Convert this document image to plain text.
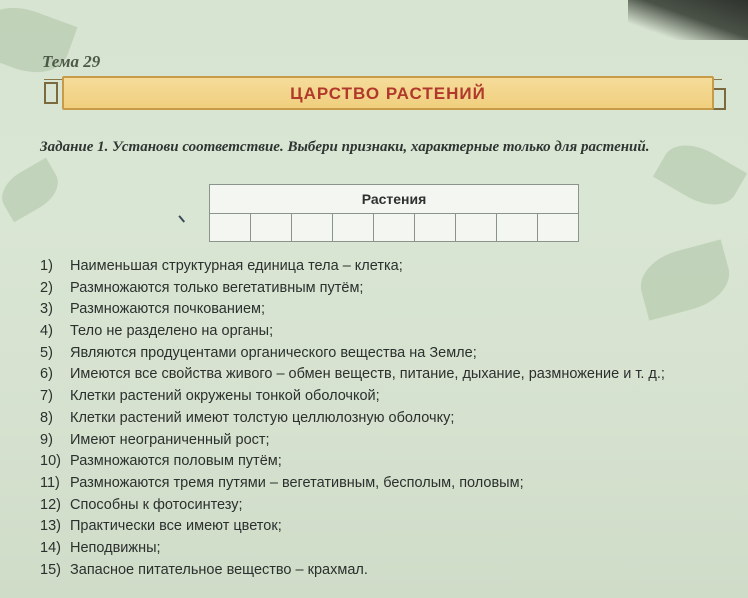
Тема 29
ЦАРСТВО РАСТЕНИЙ
Задание 1. Установи соответствие. Выбери признаки, характерные только для растений.
Растения
1) Наименьшая структурная единица тела – клетка;
2) Размножаются только вегетативным путём;
3) Размножаются почкованием;
4) Тело не разделено на органы;
5) Являются продуцентами органического вещества на Земле;
6) Имеются все свойства живого – обмен веществ, питание, дыхание, размножение и т. д.;
7) Клетки растений окружены тонкой оболочкой;
8) Клетки растений имеют толстую целлюлозную оболочку;
9) Имеют неограниченный рост;
10) Размножаются половым путём;
11) Размножаются тремя путями – вегетативным, бесполым, половым;
12) Способны к фотосинтезу;
13) Практически все имеют цветок;
14) Неподвижны;
15) Запасное питательное вещество – крахмал.
